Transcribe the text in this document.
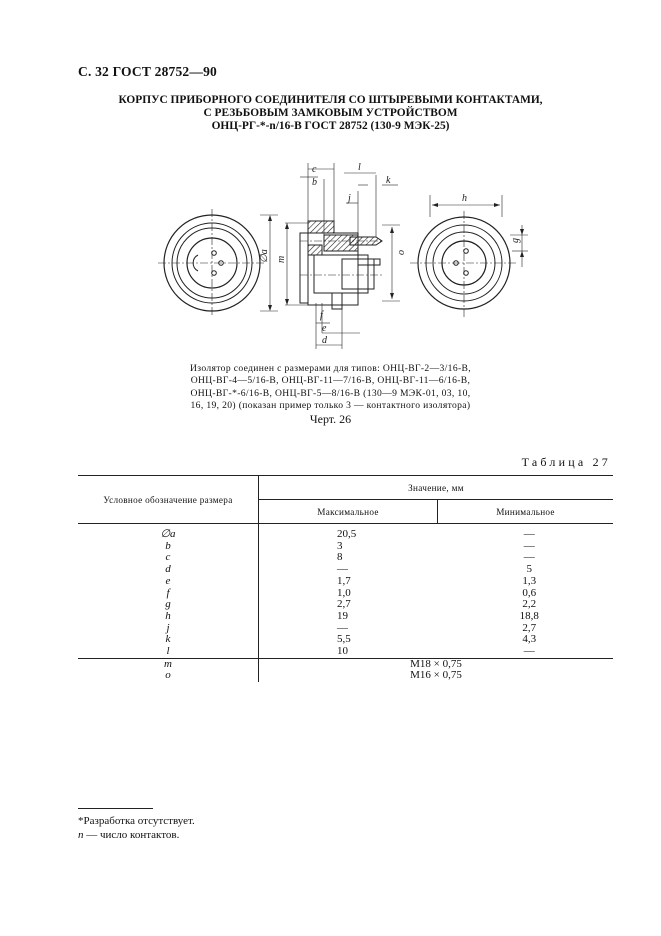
С. 32 ГОСТ 28752—90
КОРПУС ПРИБОРНОГО СОЕДИНИТЕЛЯ СО ШТЫРЕВЫМИ КОНТАКТАМИ,
С РЕЗЬБОВЫМ ЗАМКОВЫМ УСТРОЙСТВОМ
ОНЦ-РГ-*-n/16-В ГОСТ 28752 (130-9 МЭК-25)
∅a
c
b
l
k
j
m
o
f
e
d
h
g
Изолятор соединен с размерами для типов: ОНЦ-ВГ-2—3/16-В,
ОНЦ-ВГ-4—5/16-В, ОНЦ-ВГ-11—7/16-В, ОНЦ-ВГ-11—6/16-В,
ОНЦ-ВГ-*-6/16-В, ОНЦ-ВГ-5—8/16-В (130—9 МЭК-01, 03, 10,
16, 19, 20) (показан пример только 3 — контактного изолятора)
Черт. 26
Таблица 27
Условное обозначение размера	Значение, мм	
	Максимальное	Минимальное
∅a	20,5	—
b	3	—
c	8	—
d	—	5
e	1,7	1,3
f	1,0	0,6
g	2,7	2,2
h	19	18,8
j	—	2,7
k	5,5	4,3
l	10	—
m	M18 × 0,75	
o	M16 × 0,75	
*Разработка отсутствует.
n — число контактов.
